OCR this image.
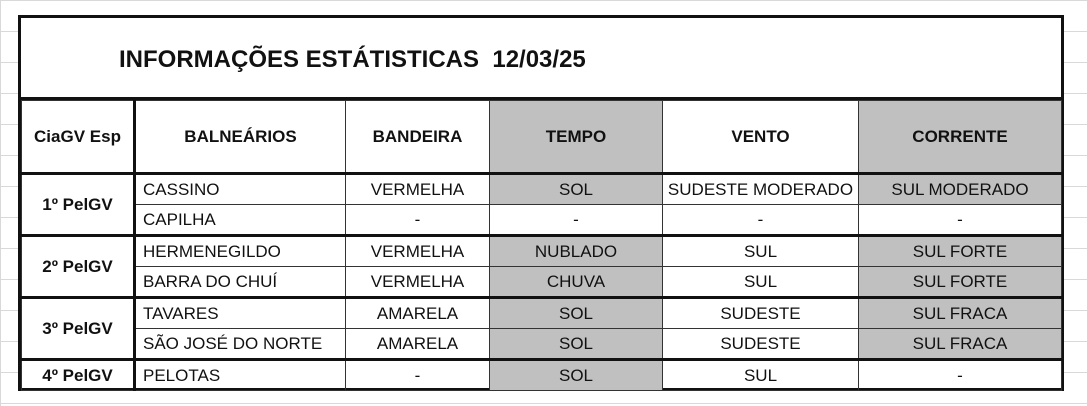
INFORMAÇÕES ESTÁTISTICAS  12/03/25
CiaGV Esp	BALNEÁRIOS	BANDEIRA	TEMPO	VENTO	CORRENTE
1º PelGV	CASSINO	VERMELHA	SOL	SUDESTE MODERADO	SUL MODERADO
	CAPILHA	-	-	-	-
2º PelGV	HERMENEGILDO	VERMELHA	NUBLADO	SUL	SUL FORTE
	BARRA DO CHUÍ	VERMELHA	CHUVA	SUL	SUL FORTE
3º PelGV	TAVARES	AMARELA	SOL	SUDESTE	SUL FRACA
	SÃO JOSÉ DO NORTE	AMARELA	SOL	SUDESTE	SUL FRACA
4º PelGV	PELOTAS	-	SOL	SUL	-
